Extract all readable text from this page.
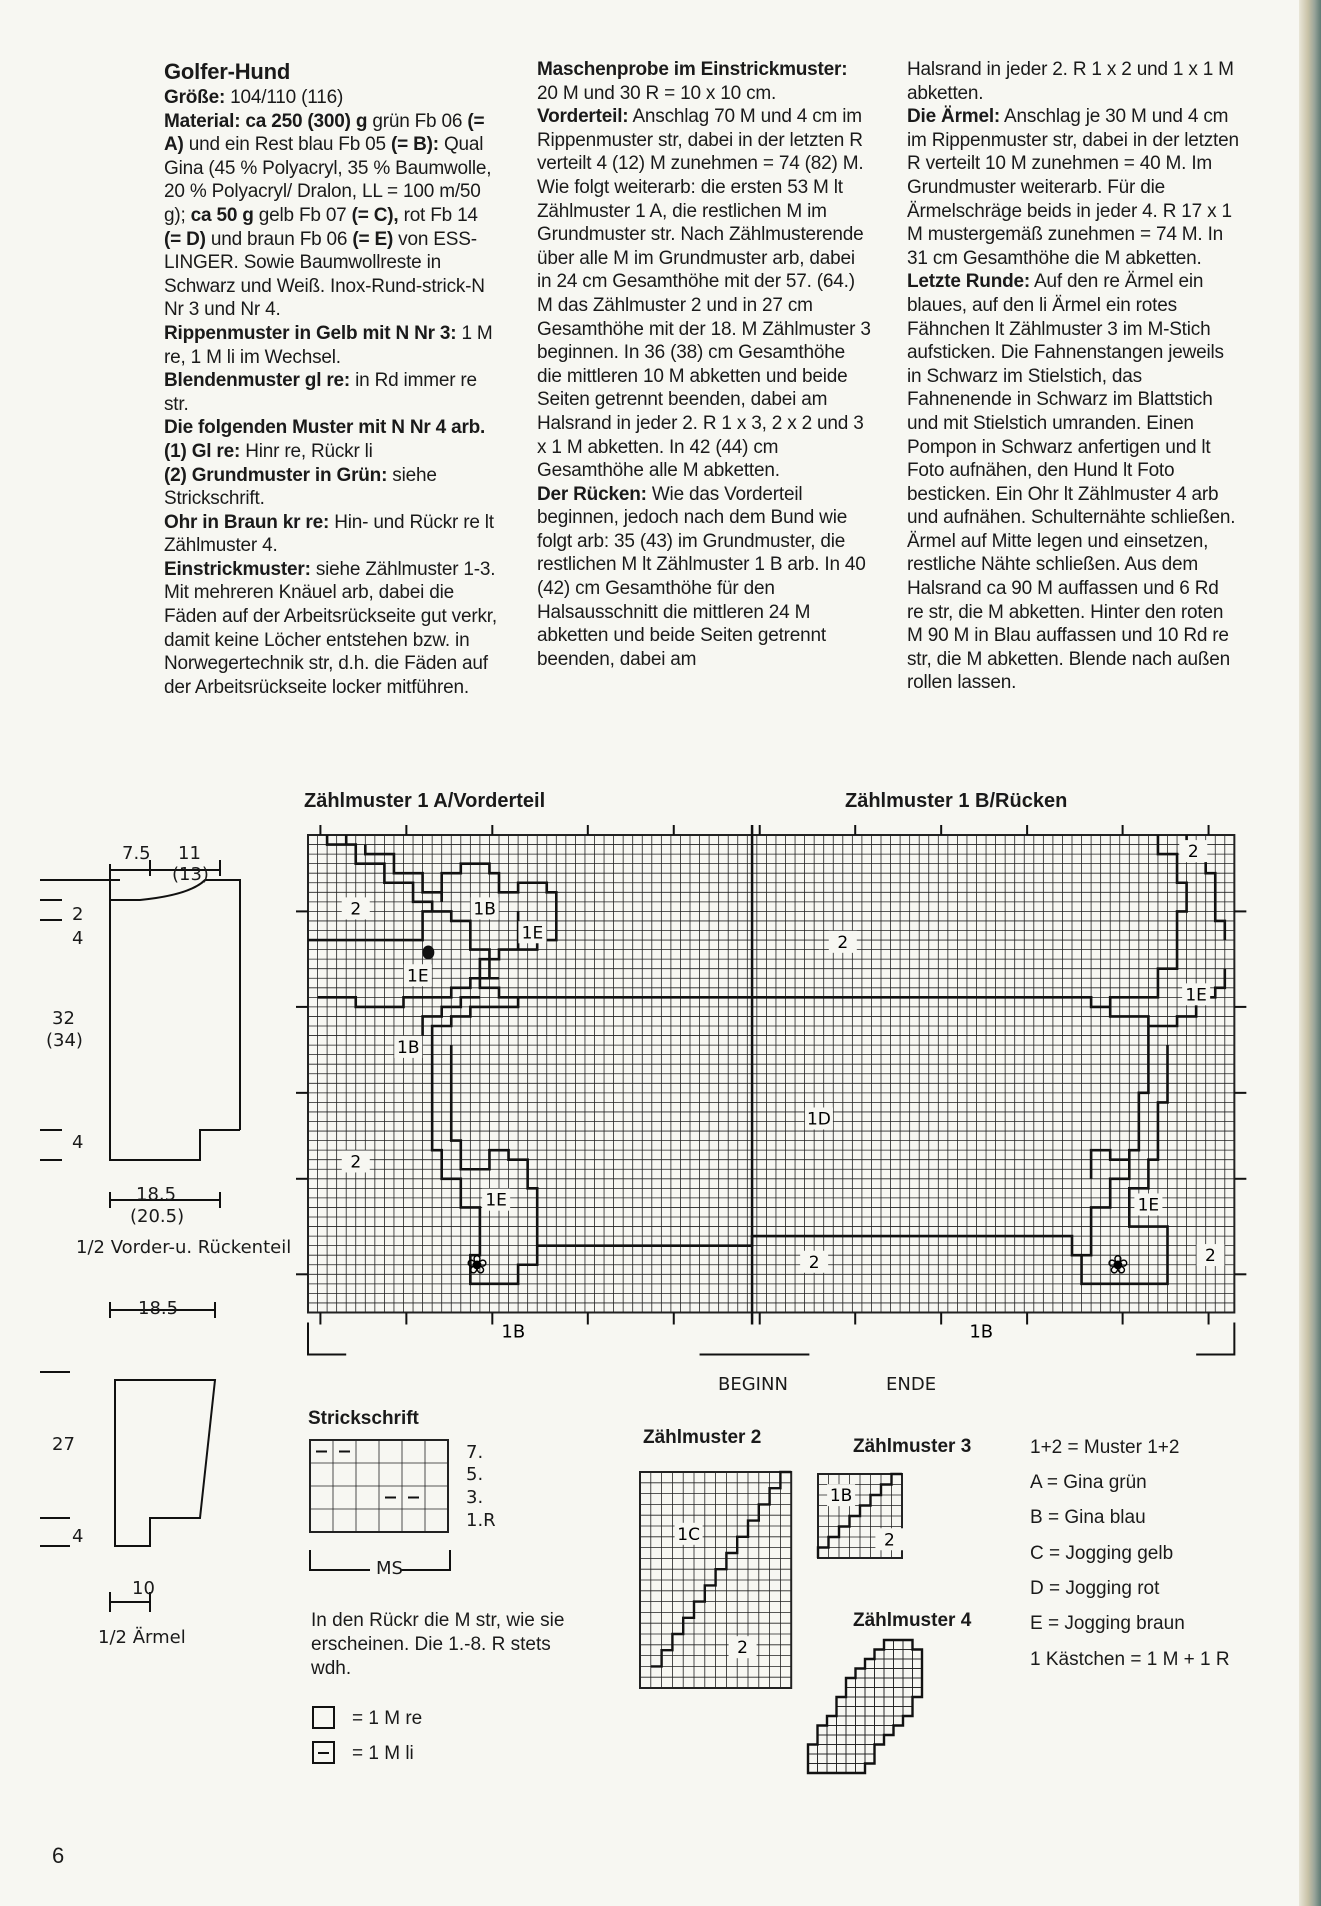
Golfer-Hund

Größe: 104/110 (116)

Material: ca 250 (300) g grün Fb 06 (= A) und ein Rest blau Fb 05 (= B): Qual Gina (45 % Polyacryl, 35 % Baumwolle, 20 % Polyacryl/ Dralon, LL = 100 m/50 g); ca 50 g gelb Fb 07 (= C), rot Fb 14 (= D) und braun Fb 06 (= E) von ESS-LINGER. Sowie Baumwollreste in Schwarz und Weiß. Inox-Rund-strick-N Nr 3 und Nr 4.

Rippenmuster in Gelb mit N Nr 3: 1 M re, 1 M li im Wechsel.

Blendenmuster gl re: in Rd immer re str.

Die folgenden Muster mit N Nr 4 arb.

(1) Gl re: Hinr re, Rückr li

(2) Grundmuster in Grün: siehe Strickschrift.

Ohr in Braun kr re: Hin- und Rückr re lt Zählmuster 4.

Einstrickmuster: siehe Zählmuster 1-3. Mit mehreren Knäuel arb, dabei die Fäden auf der Arbeitsrückseite gut verkr, damit keine Löcher entstehen bzw. in Norwegertechnik str, d.h. die Fäden auf der Arbeitsrückseite locker mitführen.

Maschenprobe im Einstrickmuster: 20 M und 30 R = 10 x 10 cm.

Vorderteil: Anschlag 70 M und 4 cm im Rippenmuster str, dabei in der letzten R verteilt 4 (12) M zunehmen = 74 (82) M. Wie folgt weiterarb: die ersten 53 M lt Zählmuster 1 A, die restlichen M im Grundmuster str. Nach Zählmusterende über alle M im Grundmuster arb, dabei in 24 cm Gesamthöhe mit der 57. (64.) M das Zählmuster 2 und in 27 cm Gesamthöhe mit der 18. M Zählmuster 3 beginnen. In 36 (38) cm Gesamthöhe die mittleren 10 M abketten und beide Seiten getrennt beenden, dabei am Halsrand in jeder 2. R 1 x 3, 2 x 2 und 3 x 1 M abketten. In 42 (44) cm Gesamthöhe alle M abketten.

Der Rücken: Wie das Vorderteil beginnen, jedoch nach dem Bund wie folgt arb: 35 (43) im Grundmuster, die restlichen M lt Zählmuster 1 B arb. In 40 (42) cm Gesamthöhe für den Halsausschnitt die mittleren 24 M abketten und beide Seiten getrennt beenden, dabei am

Halsrand in jeder 2. R 1 x 2 und 1 x 1 M abketten.

Die Ärmel: Anschlag je 30 M und 4 cm im Rippenmuster str, dabei in der letzten R verteilt 10 M zunehmen = 40 M. Im Grundmuster weiterarb. Für die Ärmelschräge beids in jeder 4. R 17 x 1 M mustergemäß zunehmen = 74 M. In 31 cm Gesamthöhe die M abketten.

Letzte Runde: Auf den re Ärmel ein blaues, auf den li Ärmel ein rotes Fähnchen lt Zählmuster 3 im M-Stich aufsticken. Die Fahnenstangen jeweils in Schwarz im Stielstich, das Fahnenende in Schwarz im Blattstich und mit Stielstich umranden. Einen Pompon in Schwarz anfertigen und lt Foto aufnähen, den Hund lt Foto besticken. Ein Ohr lt Zählmuster 4 arb und aufnähen. Schulternähte schließen. Ärmel auf Mitte legen und einsetzen, restliche Nähte schließen. Aus dem Halsrand ca 90 M auffassen und 6 Rd re str, die M abketten. Hinter den roten M 90 M in Blau auffassen und 10 Rd re str, die M abketten. Blende nach außen rollen lassen.

7.5 11
(13)
2
4
32
(34)
4
18.5
(20.5)
1/2 Vorder-u. Rückenteil
18.5
27
4
10
1/2 Ärmel
Zählmuster 1 A/Vorderteil	Zählmuster 1 B/Rücken
❀	❀
2	1B
1E
1E
1B
2
1E
1B
2
2
1E
1D
1E
2	2
1B
BEGINN	ENDE
Strickschrift
7.
5.
3.
1.R
MS
In den Rückr die M str, wie sie
erscheinen. Die 1.-8. R stets
wdh.
= 1 M re
= 1 M li
Zählmuster 2
1C
2
Zählmuster 3
1B
2
Zählmuster 4
1+2 = Muster 1+2
A = Gina grün
B = Gina blau
C = Jogging gelb
D = Jogging rot
E = Jogging braun
1 Kästchen = 1 M + 1 R
6
